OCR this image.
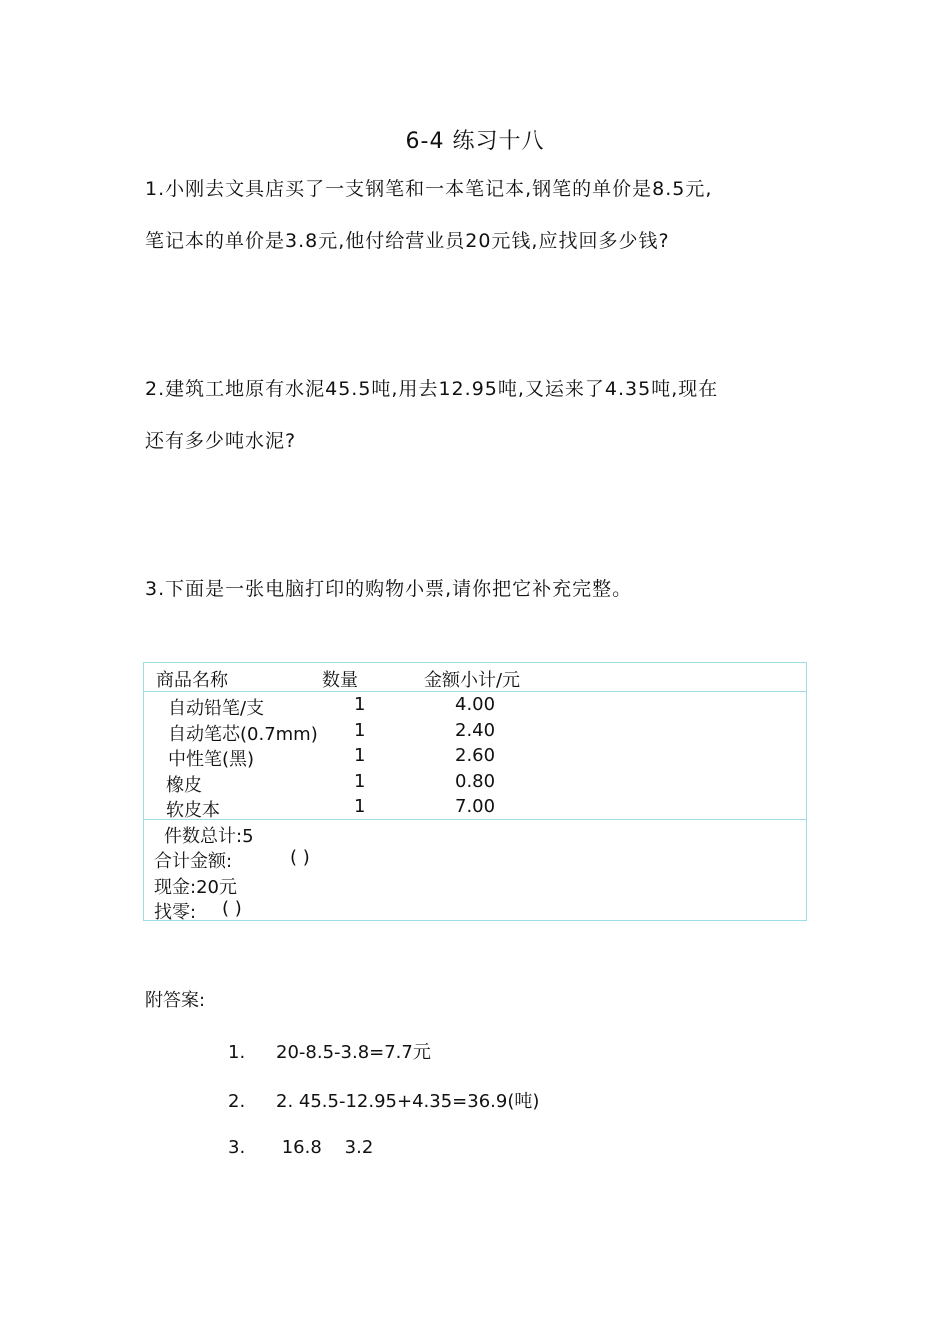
6-4 练习十八
1.小刚去文具店买了一支钢笔和一本笔记本,钢笔的单价是8.5元,
笔记本的单价是3.8元,他付给营业员20元钱,应找回多少钱?
2.建筑工地原有水泥45.5吨,用去12.95吨,又运来了4.35吨,现在
还有多少吨水泥?
3.下面是一张电脑打印的购物小票,请你把它补充完整。
商品名称	数量	金额小计/元
自动铅笔/支	1	4.00
自动笔芯(0.7mm) 1	2.40
中性笔(黑)	1	2.60
橡皮	1	0.80
软皮本	1	7.00
件数总计:5
合计金额:	( )
现金:20元
找零: ( )
附答案:
1. 20-8.5-3.8=7.7元
2. 2. 45.5-12.95+4.35=36.9(吨)
3. 16.8    3.2
